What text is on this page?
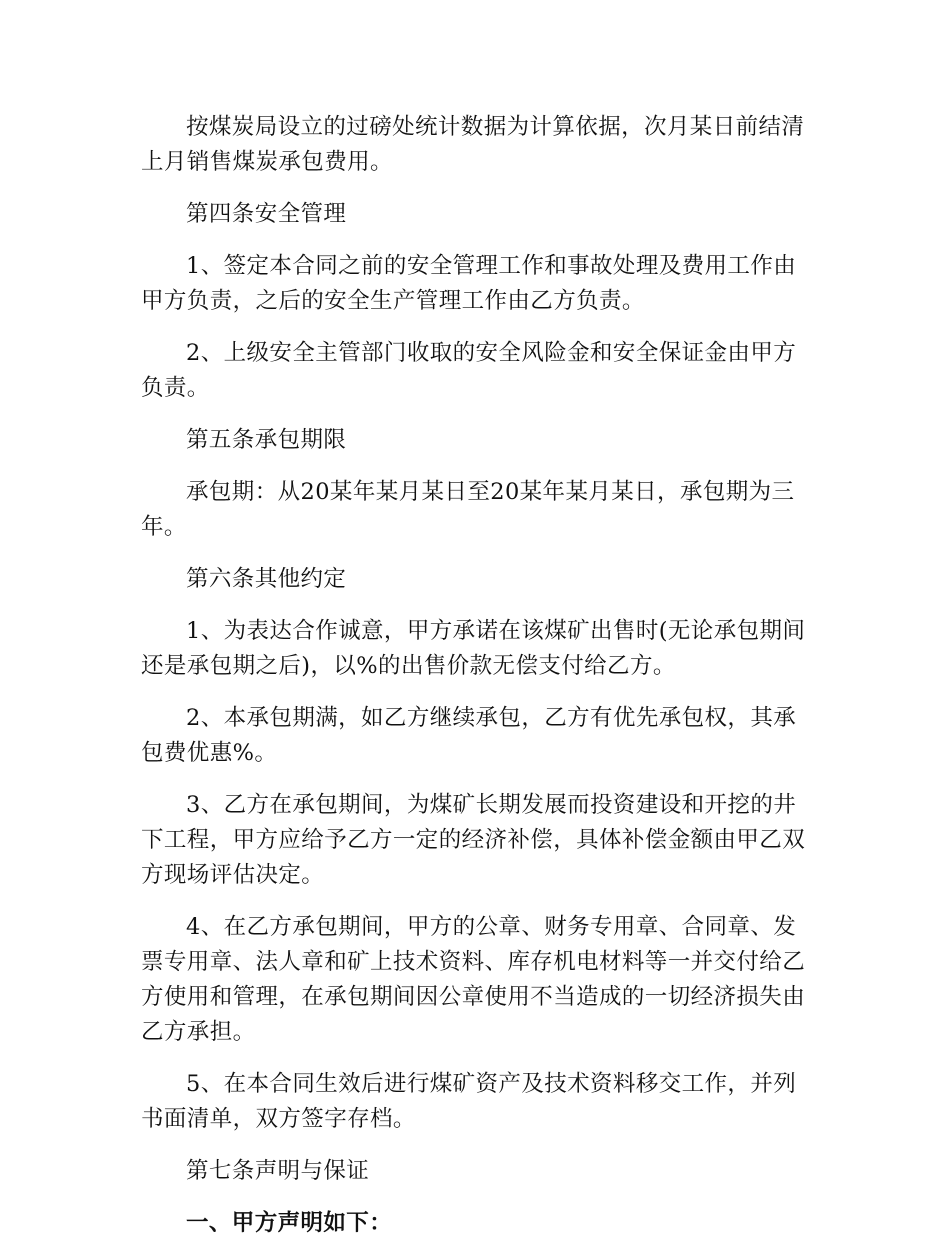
按煤炭局设立的过磅处统计数据为计算依据，次月某日前结清上月销售煤炭承包费用。

第四条安全管理

1、签定本合同之前的安全管理工作和事故处理及费用工作由甲方负责，之后的安全生产管理工作由乙方负责。

2、上级安全主管部门收取的安全风险金和安全保证金由甲方负责。

第五条承包期限

承包期：从20某年某月某日至20某年某月某日，承包期为三年。

第六条其他约定

1、为表达合作诚意，甲方承诺在该煤矿出售时(无论承包期间还是承包期之后)，以%的出售价款无偿支付给乙方。

2、本承包期满，如乙方继续承包，乙方有优先承包权，其承包费优惠%。

3、乙方在承包期间，为煤矿长期发展而投资建设和开挖的井下工程，甲方应给予乙方一定的经济补偿，具体补偿金额由甲乙双方现场评估决定。

4、在乙方承包期间，甲方的公章、财务专用章、合同章、发票专用章、法人章和矿上技术资料、库存机电材料等一并交付给乙方使用和管理，在承包期间因公章使用不当造成的一切经济损失由乙方承担。

5、在本合同生效后进行煤矿资产及技术资料移交工作，并列书面清单，双方签字存档。

第七条声明与保证

一、甲方声明如下：
